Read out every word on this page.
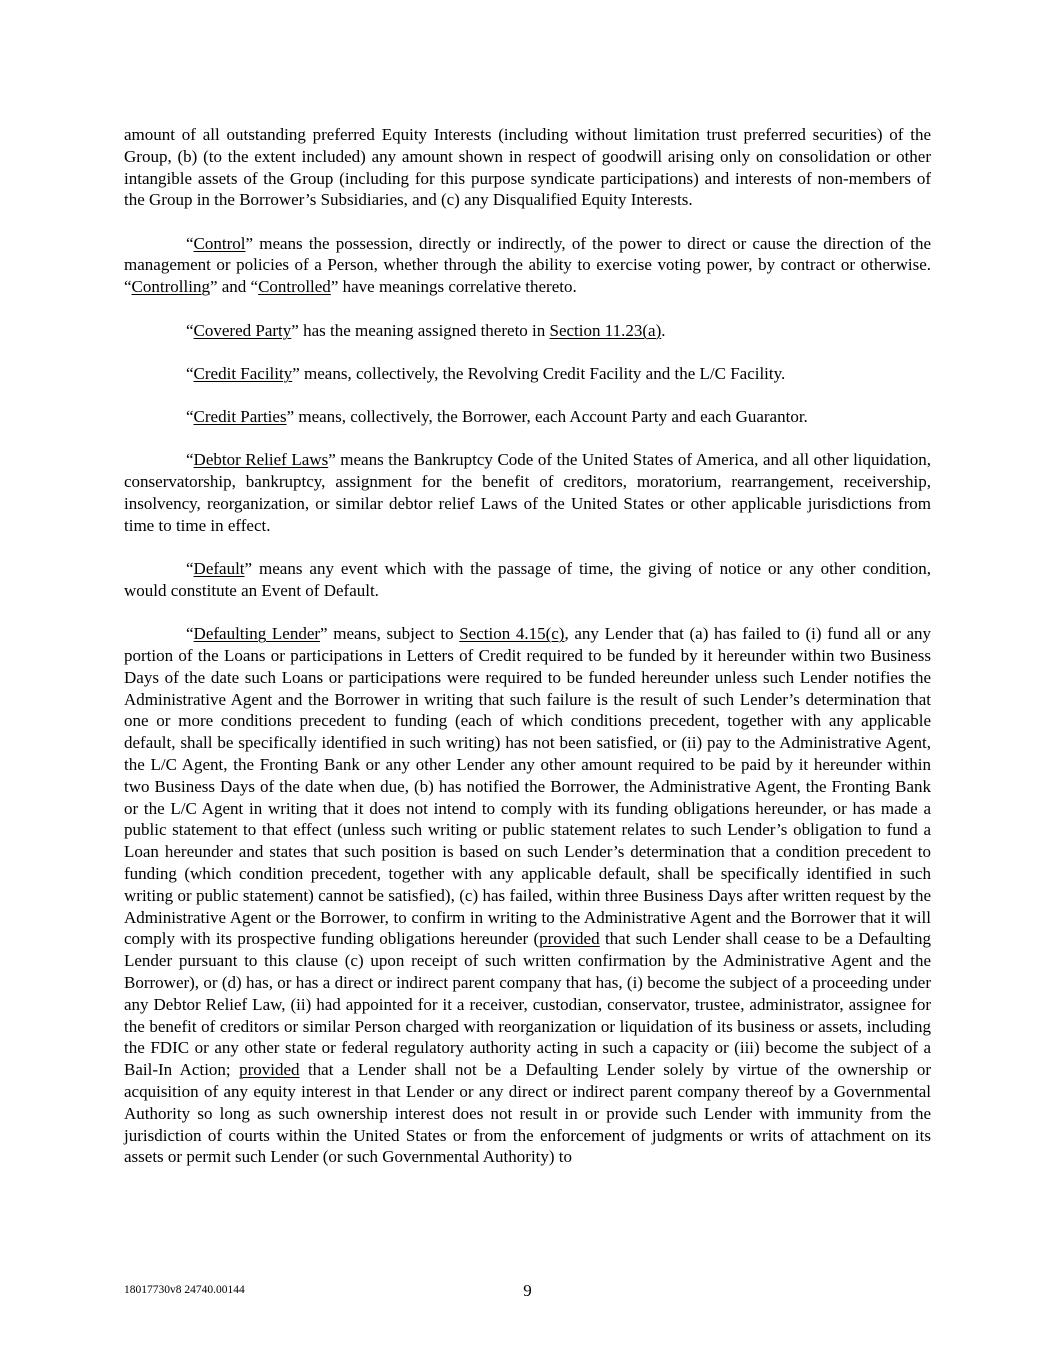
amount of all outstanding preferred Equity Interests (including without limitation trust preferred securities) of the Group, (b) (to the extent included) any amount shown in respect of goodwill arising only on consolidation or other intangible assets of the Group (including for this purpose syndicate participations) and interests of non-members of the Group in the Borrower’s Subsidiaries, and (c) any Disqualified Equity Interests.

“Control” means the possession, directly or indirectly, of the power to direct or cause the direction of the management or policies of a Person, whether through the ability to exercise voting power, by contract or otherwise. “Controlling” and “Controlled” have meanings correlative thereto.

“Covered Party” has the meaning assigned thereto in Section 11.23(a).

“Credit Facility” means, collectively, the Revolving Credit Facility and the L/C Facility.

“Credit Parties” means, collectively, the Borrower, each Account Party and each Guarantor.

“Debtor Relief Laws” means the Bankruptcy Code of the United States of America, and all other liquidation, conservatorship, bankruptcy, assignment for the benefit of creditors, moratorium, rearrangement, receivership, insolvency, reorganization, or similar debtor relief Laws of the United States or other applicable jurisdictions from time to time in effect.

“Default” means any event which with the passage of time, the giving of notice or any other condition, would constitute an Event of Default.

“Defaulting Lender” means, subject to Section 4.15(c), any Lender that (a) has failed to (i) fund all or any portion of the Loans or participations in Letters of Credit required to be funded by it hereunder within two Business Days of the date such Loans or participations were required to be funded hereunder unless such Lender notifies the Administrative Agent and the Borrower in writing that such failure is the result of such Lender’s determination that one or more conditions precedent to funding (each of which conditions precedent, together with any applicable default, shall be specifically identified in such writing) has not been satisfied, or (ii) pay to the Administrative Agent, the L/C Agent, the Fronting Bank or any other Lender any other amount required to be paid by it hereunder within two Business Days of the date when due, (b) has notified the Borrower, the Administrative Agent, the Fronting Bank or the L/C Agent in writing that it does not intend to comply with its funding obligations hereunder, or has made a public statement to that effect (unless such writing or public statement relates to such Lender’s obligation to fund a Loan hereunder and states that such position is based on such Lender’s determination that a condition precedent to funding (which condition precedent, together with any applicable default, shall be specifically identified in such writing or public statement) cannot be satisfied), (c) has failed, within three Business Days after written request by the Administrative Agent or the Borrower, to confirm in writing to the Administrative Agent and the Borrower that it will comply with its prospective funding obligations hereunder (provided that such Lender shall cease to be a Defaulting Lender pursuant to this clause (c) upon receipt of such written confirmation by the Administrative Agent and the Borrower), or (d) has, or has a direct or indirect parent company that has, (i) become the subject of a proceeding under any Debtor Relief Law, (ii) had appointed for it a receiver, custodian, conservator, trustee, administrator, assignee for the benefit of creditors or similar Person charged with reorganization or liquidation of its business or assets, including the FDIC or any other state or federal regulatory authority acting in such a capacity or (iii) become the subject of a Bail-In Action; provided that a Lender shall not be a Defaulting Lender solely by virtue of the ownership or acquisition of any equity interest in that Lender or any direct or indirect parent company thereof by a Governmental Authority so long as such ownership interest does not result in or provide such Lender with immunity from the jurisdiction of courts within the United States or from the enforcement of judgments or writs of attachment on its assets or permit such Lender (or such Governmental Authority) to

18017730v8 24740.00144	9
